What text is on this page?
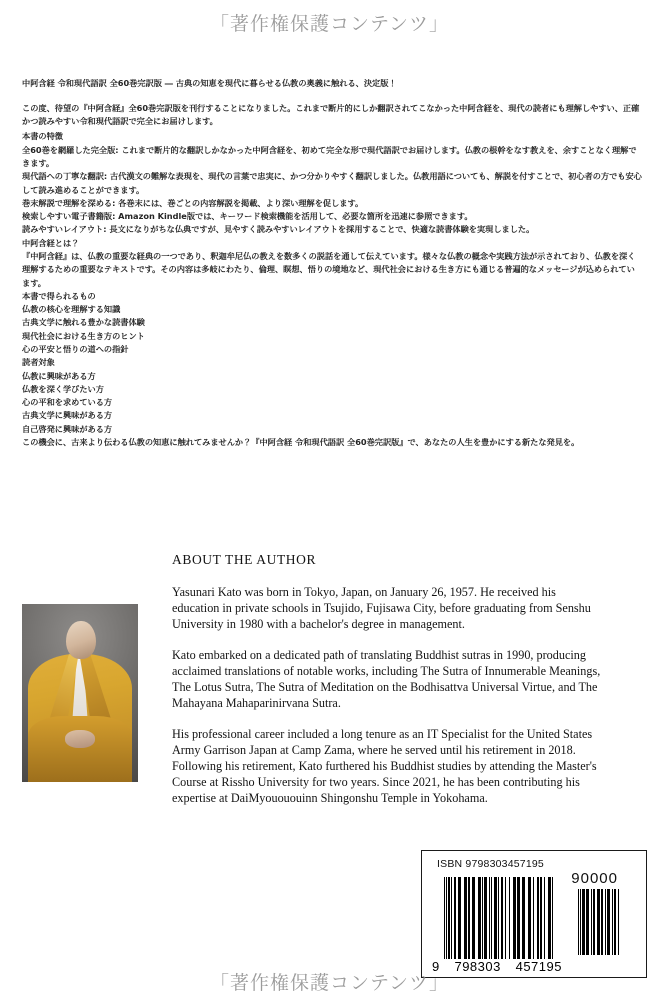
「著作権保護コンテンツ」

中阿含経 令和現代語訳 全60巻完訳版 ― 古典の知恵を現代に暮らせる仏教の奥義に触れる、決定版！

この度、待望の『中阿含経』全60巻完訳版を刊行することになりました。これまで断片的にしか翻訳されてこなかった中阿含経を、現代の読者にも理解しやすい、正確かつ読みやすい令和現代語訳で完全にお届けします。

本書の特徴

全60巻を網羅した完全版: これまで断片的な翻訳しかなかった中阿含経を、初めて完全な形で現代語訳でお届けします。仏教の根幹をなす教えを、余すことなく理解できます。

現代語への丁寧な翻訳: 古代漢文の難解な表現を、現代の言葉で忠実に、かつ分かりやすく翻訳しました。仏教用語についても、解説を付すことで、初心者の方でも安心して読み進めることができます。

巻末解説で理解を深める: 各巻末には、巻ごとの内容解説を掲載、より深い理解を促します。

検索しやすい電子書籍版: Amazon Kindle版では、キーワード検索機能を活用して、必要な箇所を迅速に参照できます。

読みやすいレイアウト: 長文になりがちな仏典ですが、見やすく読みやすいレイアウトを採用することで、快適な読書体験を実現しました。

中阿含経とは？

『中阿含経』は、仏教の重要な経典の一つであり、釈迦牟尼仏の教えを数多くの説話を通して伝えています。様々な仏教の概念や実践方法が示されており、仏教を深く理解するための重要なテキストです。その内容は多岐にわたり、倫理、瞑想、悟りの境地など、現代社会における生き方にも通じる普遍的なメッセージが込められています。

本書で得られるもの

仏教の核心を理解する知識

古典文学に触れる豊かな読書体験

現代社会における生き方のヒント

心の平安と悟りの道への指針

読者対象

仏教に興味がある方

仏教を深く学びたい方

心の平和を求めている方

古典文学に興味がある方

自己啓発に興味がある方

この機会に、古来より伝わる仏教の知恵に触れてみませんか？『中阿含経 令和現代語訳 全60巻完訳版』で、あなたの人生を豊かにする新たな発見を。

ABOUT THE AUTHOR

Yasunari Kato was born in Tokyo, Japan, on January 26, 1957. He received his education in private schools in Tsujido, Fujisawa City, before graduating from Senshu University in 1980 with a bachelor's degree in management.

Kato embarked on a dedicated path of translating Buddhist sutras in 1990, producing acclaimed translations of notable works, including The Sutra of Innumerable Meanings, The Lotus Sutra, The Sutra of Meditation on the Bodhisattva Universal Virtue, and The Mahayana Mahaparinirvana Sutra.

His professional career included a long tenure as an IT Specialist for the United States Army Garrison Japan at Camp Zama, where he served until his retirement in 2018. Following his retirement, Kato furthered his Buddhist studies by attending the Master's Course at Rissho University for two years. Since 2021, he has been contributing his expertise at DaiMyouououinn Shingonshu Temple in Yokohama.

ISBN 9798303457195
90000
9 798303 457195
「著作権保護コンテンツ」
